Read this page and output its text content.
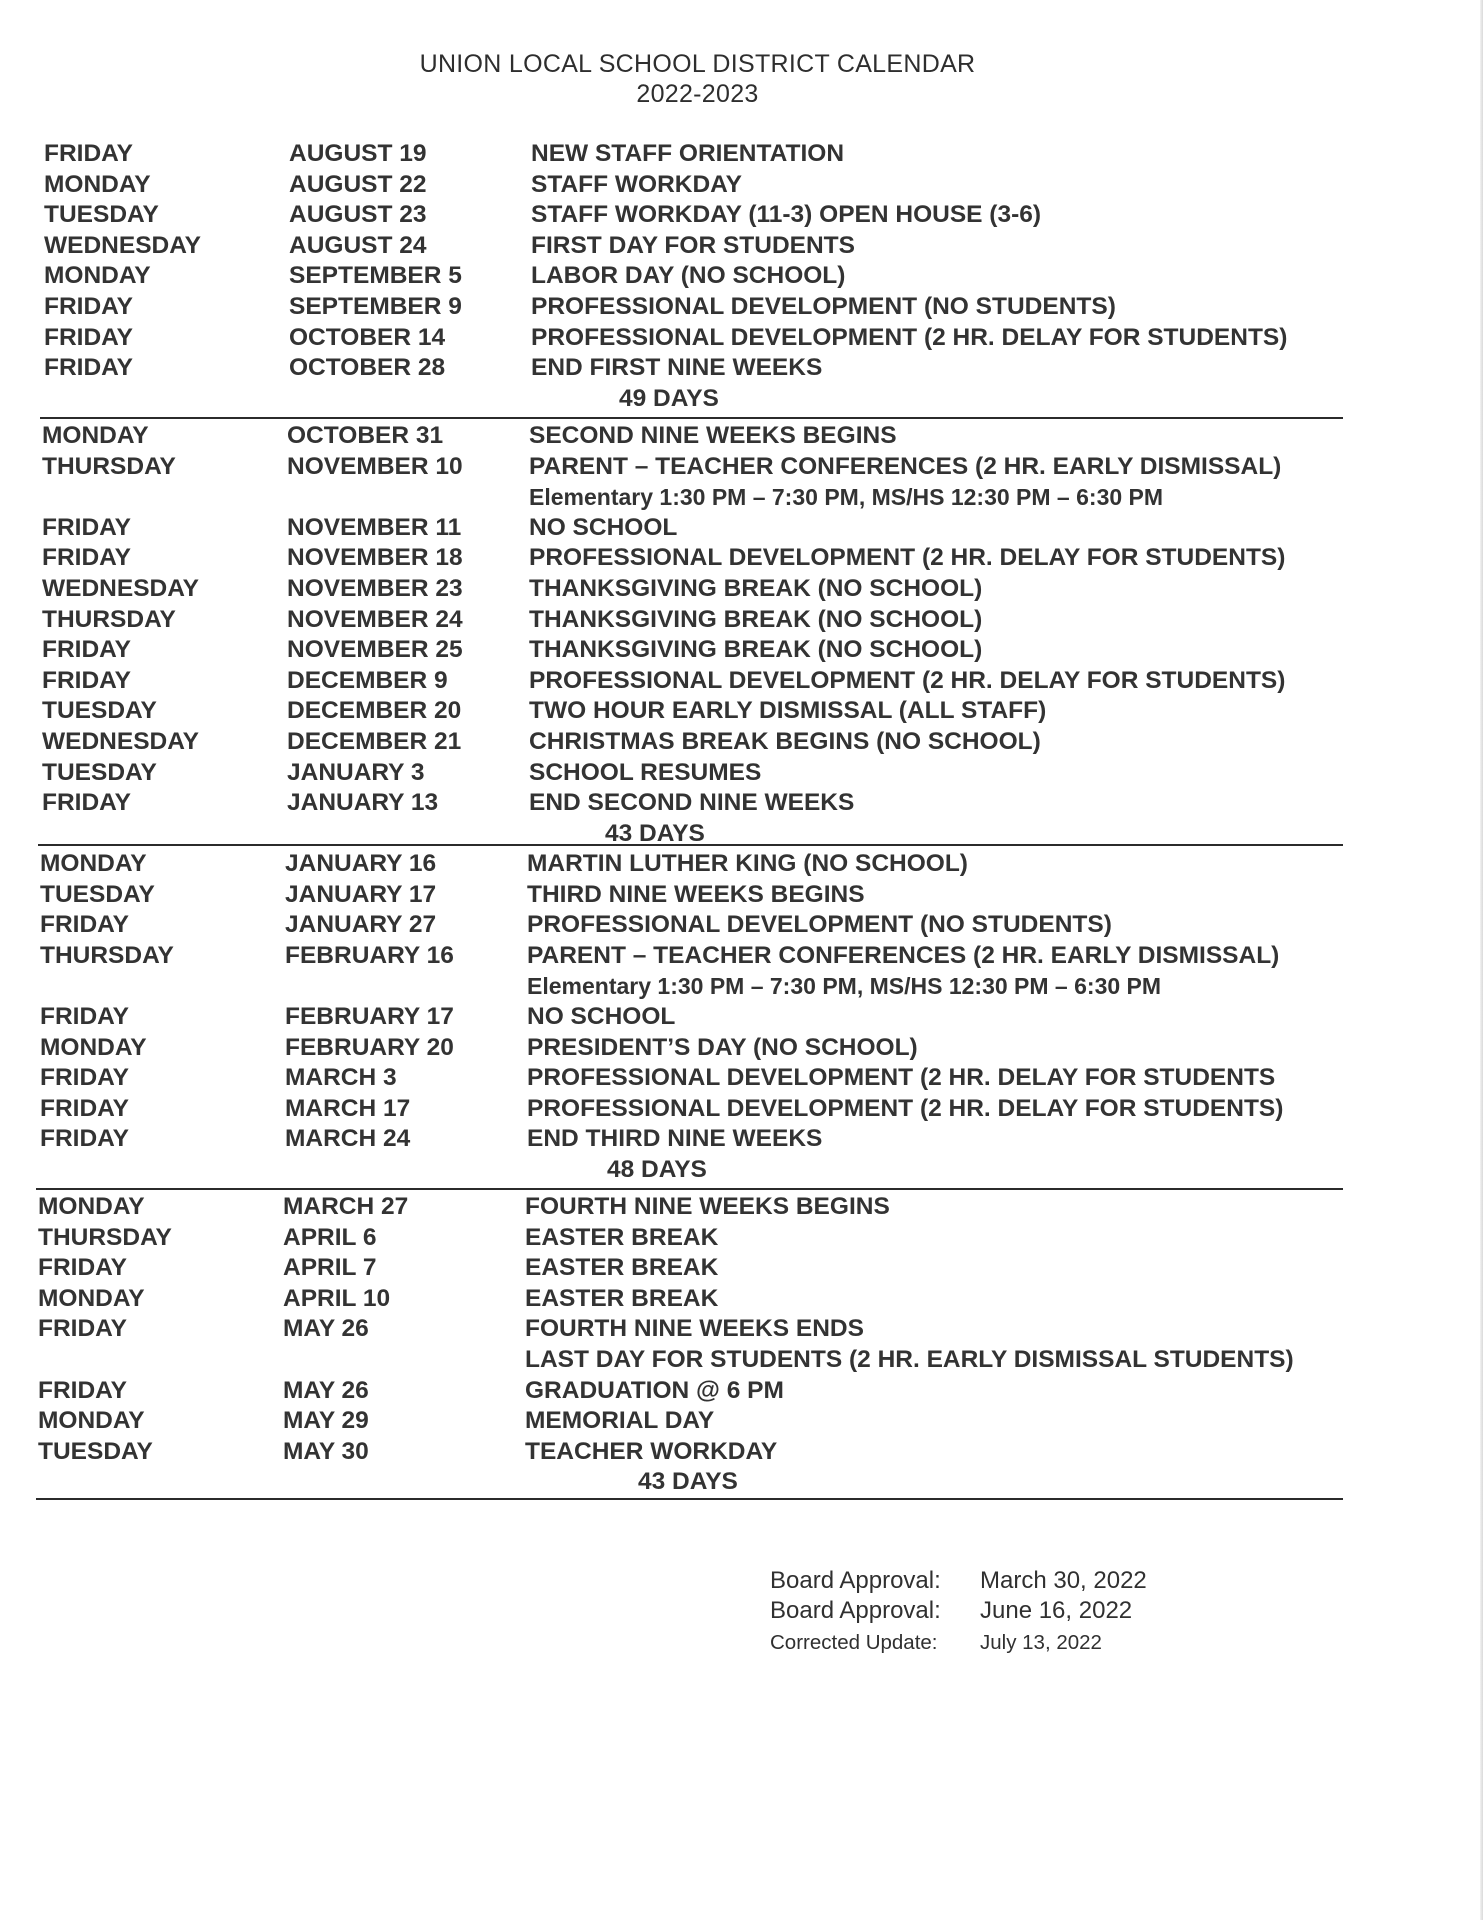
UNION LOCAL SCHOOL DISTRICT CALENDAR
2022-2023
FRIDAY	AUGUST 19	NEW STAFF ORIENTATION
MONDAY	AUGUST 22	STAFF WORKDAY
TUESDAY	AUGUST 23	STAFF WORKDAY (11-3) OPEN HOUSE (3-6)
WEDNESDAY	AUGUST 24	FIRST DAY FOR STUDENTS
MONDAY	SEPTEMBER 5	LABOR DAY (NO SCHOOL)
FRIDAY	SEPTEMBER 9	PROFESSIONAL DEVELOPMENT (NO STUDENTS)
FRIDAY	OCTOBER 14	PROFESSIONAL DEVELOPMENT (2 HR. DELAY FOR STUDENTS)
FRIDAY	OCTOBER 28	END FIRST NINE WEEKS
49 DAYS
MONDAY	OCTOBER 31	SECOND NINE WEEKS BEGINS
THURSDAY	NOVEMBER 10	PARENT – TEACHER CONFERENCES (2 HR. EARLY DISMISSAL)
Elementary 1:30 PM – 7:30 PM, MS/HS 12:30 PM – 6:30 PM
FRIDAY	NOVEMBER 11	NO SCHOOL
FRIDAY	NOVEMBER 18	PROFESSIONAL DEVELOPMENT (2 HR. DELAY FOR STUDENTS)
WEDNESDAY	NOVEMBER 23	THANKSGIVING BREAK (NO SCHOOL)
THURSDAY	NOVEMBER 24	THANKSGIVING BREAK (NO SCHOOL)
FRIDAY	NOVEMBER 25	THANKSGIVING BREAK (NO SCHOOL)
FRIDAY	DECEMBER 9	PROFESSIONAL DEVELOPMENT (2 HR. DELAY FOR STUDENTS)
TUESDAY	DECEMBER 20	TWO HOUR EARLY DISMISSAL (ALL STAFF)
WEDNESDAY	DECEMBER 21	CHRISTMAS BREAK BEGINS (NO SCHOOL)
TUESDAY	JANUARY 3	SCHOOL RESUMES
FRIDAY	JANUARY 13	END SECOND NINE WEEKS
43 DAYS
MONDAY	JANUARY 16	MARTIN LUTHER KING (NO SCHOOL)
TUESDAY	JANUARY 17	THIRD NINE WEEKS BEGINS
FRIDAY	JANUARY 27	PROFESSIONAL DEVELOPMENT (NO STUDENTS)
THURSDAY	FEBRUARY 16	PARENT – TEACHER CONFERENCES (2 HR. EARLY DISMISSAL)
Elementary 1:30 PM – 7:30 PM, MS/HS 12:30 PM – 6:30 PM
FRIDAY	FEBRUARY 17	NO SCHOOL
MONDAY	FEBRUARY 20	PRESIDENT’S DAY (NO SCHOOL)
FRIDAY	MARCH 3	PROFESSIONAL DEVELOPMENT (2 HR. DELAY FOR STUDENTS
FRIDAY	MARCH 17	PROFESSIONAL DEVELOPMENT (2 HR. DELAY FOR STUDENTS)
FRIDAY	MARCH 24	END THIRD NINE WEEKS
48 DAYS
MONDAY	MARCH 27	FOURTH NINE WEEKS BEGINS
THURSDAY	APRIL 6	EASTER BREAK
FRIDAY	APRIL 7	EASTER BREAK
MONDAY	APRIL 10	EASTER BREAK
FRIDAY	MAY 26	FOURTH NINE WEEKS ENDS
LAST DAY FOR STUDENTS (2 HR. EARLY DISMISSAL STUDENTS)
FRIDAY	MAY 26	GRADUATION @ 6 PM
MONDAY	MAY 29	MEMORIAL DAY
TUESDAY	MAY 30	TEACHER WORKDAY
43 DAYS
Board Approval: March 30, 2022
Board Approval: June 16, 2022
Corrected Update: July 13, 2022
